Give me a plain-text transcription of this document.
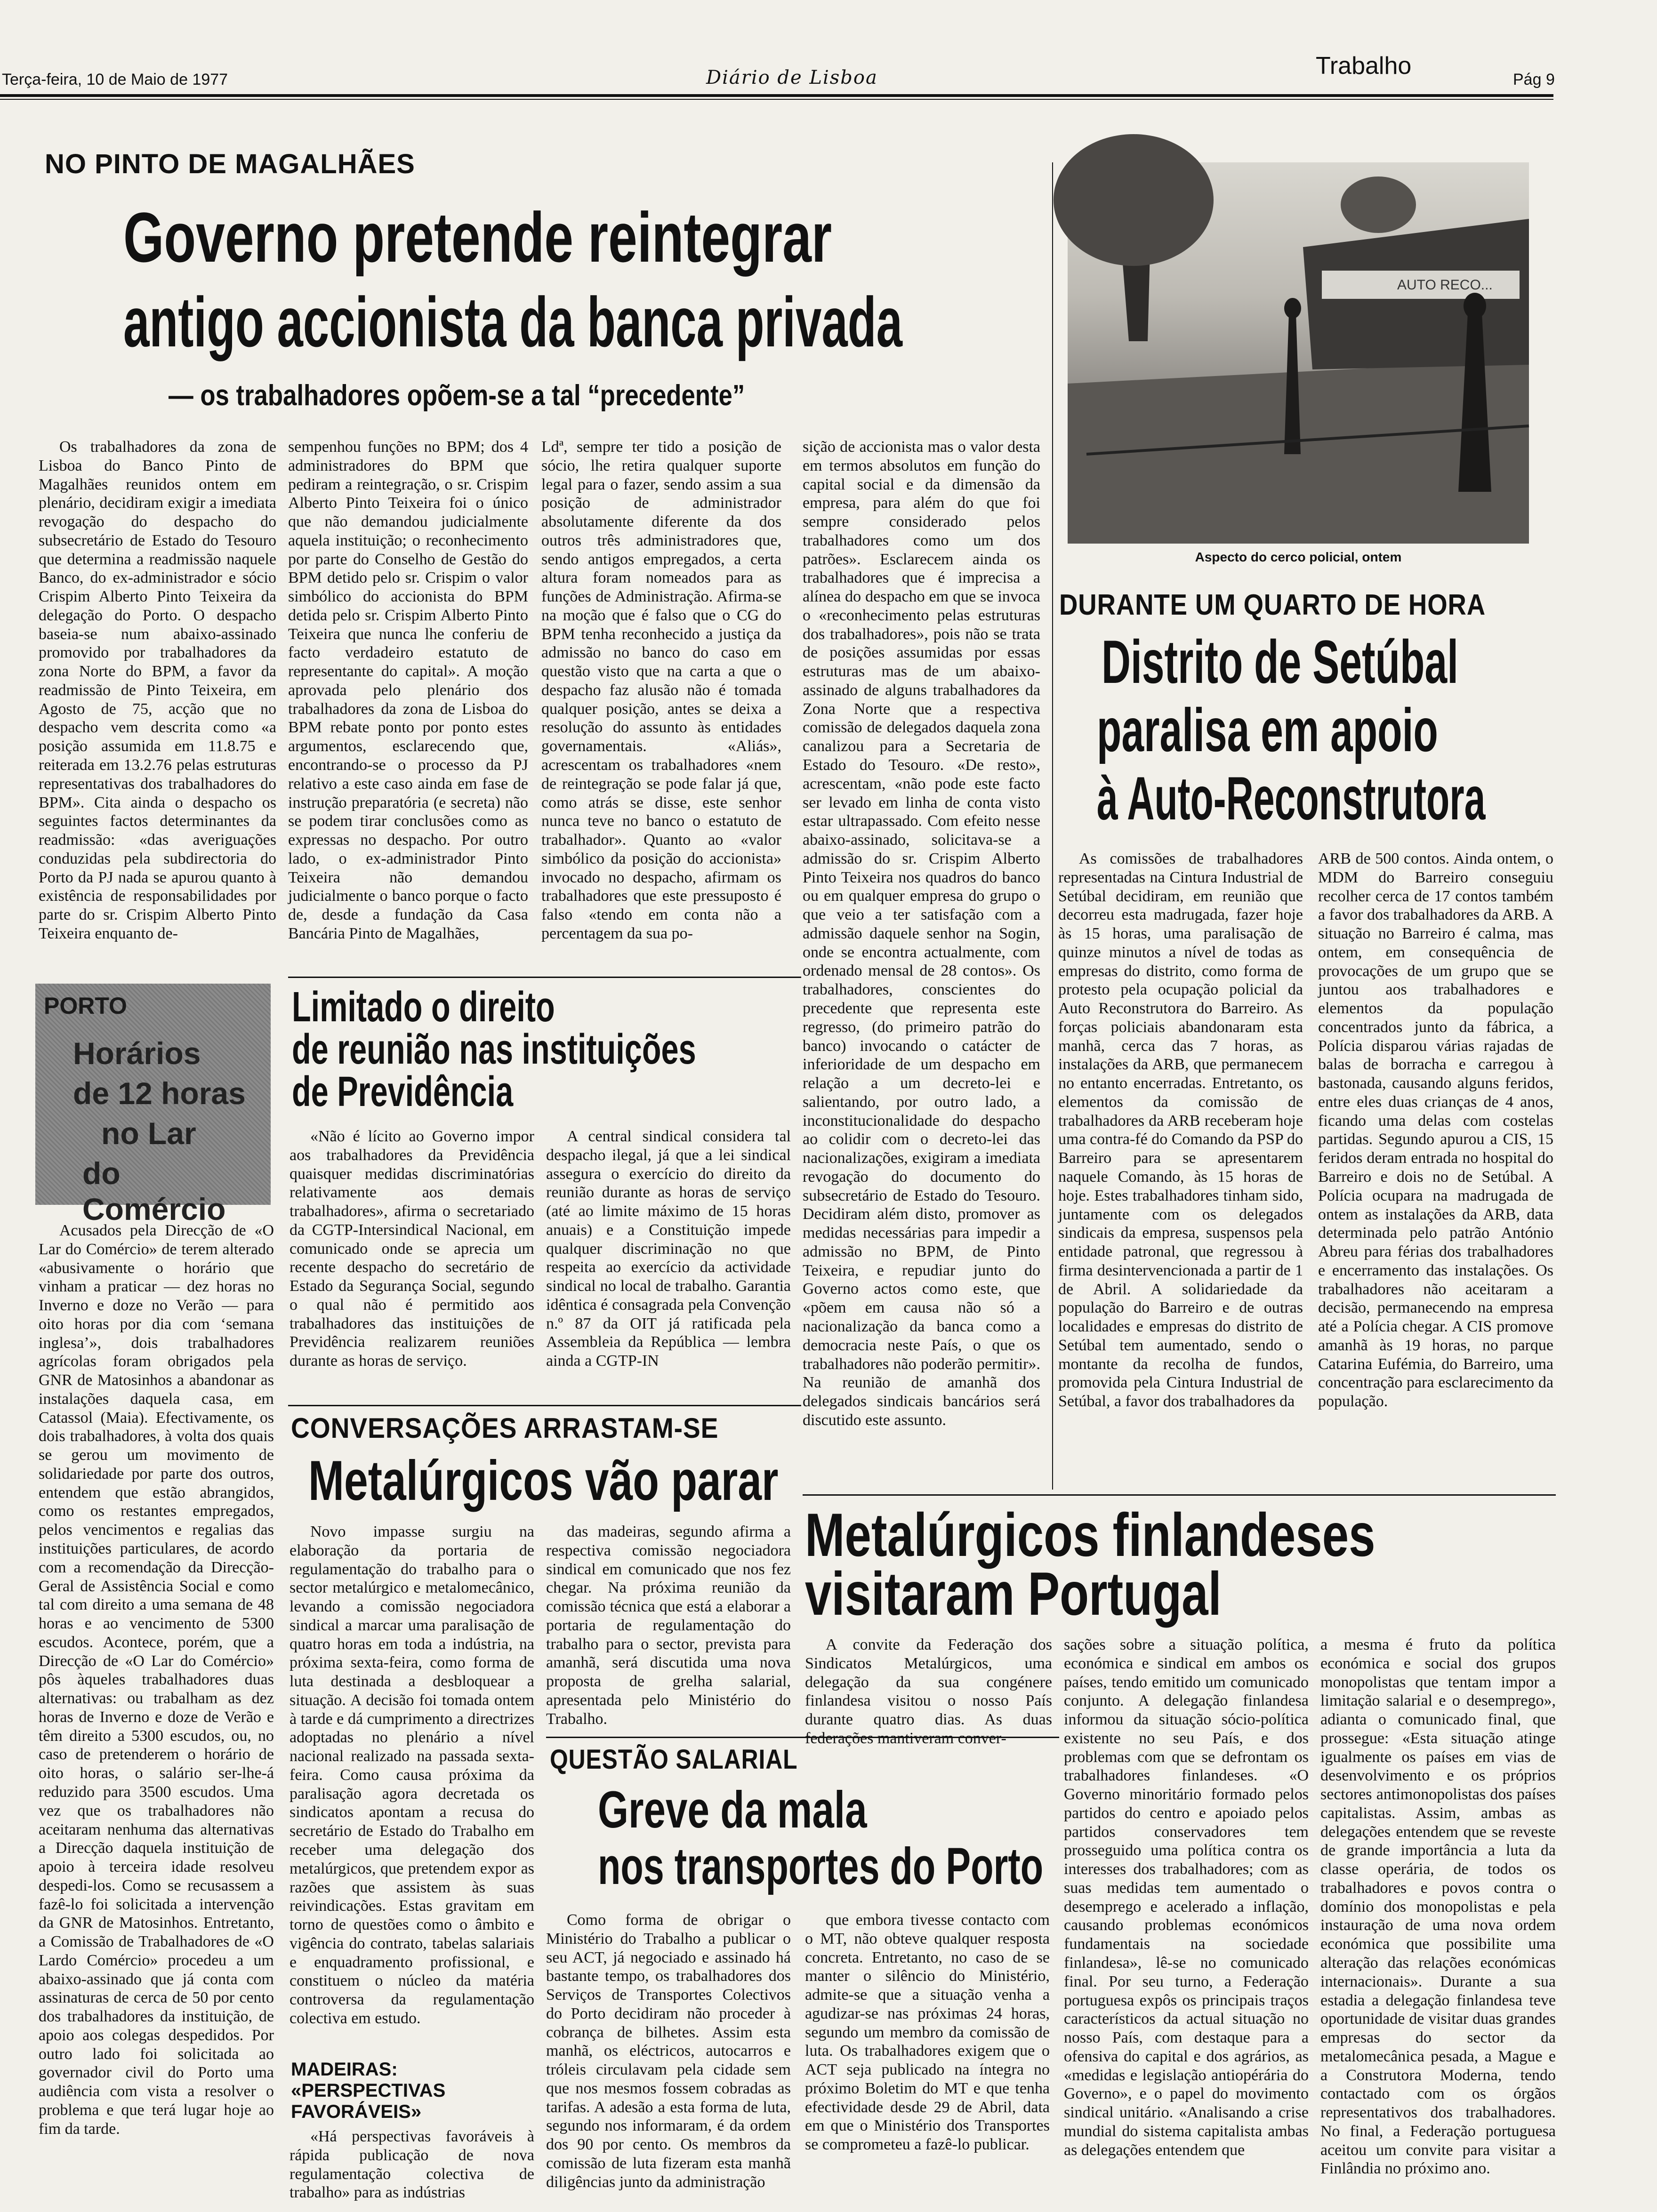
Terça-feira, 10 de Maio de 1977	Diário de Lisboa	Trabalho	Pág 9
NO PINTO DE MAGALHÃES
Governo pretende reintegrar
antigo accionista da banca privada
— os trabalhadores opõem-se a tal “precedente”
Os trabalhadores da zona de Lisboa do Banco Pinto de Magalhães reunidos ontem em plenário, decidiram exigir a imediata revogação do despacho do subsecretário de Estado do Tesouro que determina a readmissão naquele Banco, do ex-administrador e sócio Crispim Alberto Pinto Teixeira da delegação do Porto. O despacho baseia-se num abaixo-assinado promovido por trabalhadores da zona Norte do BPM, a favor da readmissão de Pinto Teixeira, em Agosto de 75, acção que no despacho vem descrita como «a posição assumida em 11.8.75 e reiterada em 13.2.76 pelas estruturas representativas dos trabalhadores do BPM». Cita ainda o despacho os seguintes factos determinantes da readmissão: «das averiguações conduzidas pela subdirectoria do Porto da PJ nada se apurou quanto à existência de responsabilidades por parte do sr. Crispim Alberto Pinto Teixeira enquanto de-
sempenhou funções no BPM; dos 4 administradores do BPM que pediram a reintegração, o sr. Crispim Alberto Pinto Teixeira foi o único que não demandou judicialmente aquela instituição; o reconhecimento por parte do Conselho de Gestão do BPM detido pelo sr. Crispim o valor simbólico do accionista do BPM detida pelo sr. Crispim Alberto Pinto Teixeira que nunca lhe conferiu de facto verdadeiro estatuto de representante do capital». A moção aprovada pelo plenário dos trabalhadores da zona de Lisboa do BPM rebate ponto por ponto estes argumentos, esclarecendo que, encontrando-se o processo da PJ relativo a este caso ainda em fase de instrução preparatória (e secreta) não se podem tirar conclusões como as expressas no despacho. Por outro lado, o ex-administrador Pinto Teixeira não demandou judicialmente o banco porque o facto de, desde a fundação da Casa Bancária Pinto de Magalhães,
Ldª, sempre ter tido a posição de sócio, lhe retira qualquer suporte legal para o fazer, sendo assim a sua posição de administrador absolutamente diferente da dos outros três administradores que, sendo antigos empregados, a certa altura foram nomeados para as funções de Administração. Afirma-se na moção que é falso que o CG do BPM tenha reconhecido a justiça da admissão no banco do caso em questão visto que na carta a que o despacho faz alusão não é tomada qualquer posição, antes se deixa a resolução do assunto às entidades governamentais. «Aliás», acrescentam os trabalhadores «nem de reintegração se pode falar já que, como atrás se disse, este senhor nunca teve no banco o estatuto de trabalhador». Quanto ao «valor simbólico da posição do accionista» invocado no despacho, afirmam os trabalhadores que este pressuposto é falso «tendo em conta não a percentagem da sua po-
sição de accionista mas o valor desta em termos absolutos em função do capital social e da dimensão da empresa, para além do que foi sempre considerado pelos trabalhadores como um dos patrões». Esclarecem ainda os trabalhadores que é imprecisa a alínea do despacho em que se invoca o «reconhecimento pelas estruturas dos trabalhadores», pois não se trata de posições assumidas por essas estruturas mas de um abaixo-assinado de alguns trabalhadores da Zona Norte que a respectiva comissão de delegados daquela zona canalizou para a Secretaria de Estado do Tesouro. «De resto», acrescentam, «não pode este facto ser levado em linha de conta visto estar ultrapassado. Com efeito nesse abaixo-assinado, solicitava-se a admissão do sr. Crispim Alberto Pinto Teixeira nos quadros do banco ou em qualquer empresa do grupo o que veio a ter satisfação com a admissão daquele senhor na Sogin, onde se encontra actualmente, com ordenado mensal de 28 contos». Os trabalhadores, conscientes do precedente que representa este regresso, (do primeiro patrão do banco) invocando o catácter de inferioridade de um despacho em relação a um decreto-lei e salientando, por outro lado, a inconstitucionalidade do despacho ao colidir com o decreto-lei das nacionalizações, exigiram a imediata revogação do documento do subsecretário de Estado do Tesouro. Decidiram além disto, promover as medidas necessárias para impedir a admissão no BPM, de Pinto Teixeira, e repudiar junto do Governo actos como este, que «põem em causa não só a nacionalização da banca como a democracia neste País, o que os trabalhadores não poderão permitir». Na reunião de amanhã dos delegados sindicais bancários será discutido este assunto.
PORTO
Horários
de 12 horas
no Lar
do Comércio
Acusados pela Direcção de «O Lar do Comércio» de terem alterado «abusivamente o horário que vinham a praticar — dez horas no Inverno e doze no Verão — para oito horas por dia com ‘semana inglesa’», dois trabalhadores agrícolas foram obrigados pela GNR de Matosinhos a abandonar as instalações daquela casa, em Catassol (Maia). Efectivamente, os dois trabalhadores, à volta dos quais se gerou um movimento de solidariedade por parte dos outros, entendem que estão abrangidos, como os restantes empregados, pelos vencimentos e regalias das instituições particulares, de acordo com a recomendação da Direcção-Geral de Assistência Social e como tal com direito a uma semana de 48 horas e ao vencimento de 5300 escudos. Acontece, porém, que a Direcção de «O Lar do Comércio» pôs àqueles trabalhadores duas alternativas: ou trabalham as dez horas de Inverno e doze de Verão e têm direito a 5300 escudos, ou, no caso de pretenderem o horário de oito horas, o salário ser-lhe-á reduzido para 3500 escudos. Uma vez que os trabalhadores não aceitaram nenhuma das alternativas a Direcção daquela instituição de apoio à terceira idade resolveu despedi-los. Como se recusassem a fazê-lo foi solicitada a intervenção da GNR de Matosinhos. Entretanto, a Comissão de Trabalhadores de «O Lardo Comércio» procedeu a um abaixo-assinado que já conta com assinaturas de cerca de 50 por cento dos trabalhadores da instituição, de apoio aos colegas despedidos. Por outro lado foi solicitada ao governador civil do Porto uma audiência com vista a resolver o problema e que terá lugar hoje ao fim da tarde.
Limitado o direito
de reunião nas instituições
de Previdência
«Não é lícito ao Governo impor aos trabalhadores da Previdência quaisquer medidas discriminatórias relativamente aos demais trabalhadores», afirma o secretariado da CGTP-Intersindical Nacional, em comunicado onde se aprecia um recente despacho do secretário de Estado da Segurança Social, segundo o qual não é permitido aos trabalhadores das instituições de Previdência realizarem reuniões durante as horas de serviço.
A central sindical considera tal despacho ilegal, já que a lei sindical assegura o exercício do direito da reunião durante as horas de serviço (até ao limite máximo de 15 horas anuais) e a Constituição impede qualquer discriminação no que respeita ao exercício da actividade sindical no local de trabalho. Garantia idêntica é consagrada pela Convenção n.º 87 da OIT já ratificada pela Assembleia da República — lembra ainda a CGTP-IN
CONVERSAÇÕES ARRASTAM-SE
Metalúrgicos vão parar
Novo impasse surgiu na elaboração da portaria de regulamentação do trabalho para o sector metalúrgico e metalomecânico, levando a comissão negociadora sindical a marcar uma paralisação de quatro horas em toda a indústria, na próxima sexta-feira, como forma de luta destinada a desbloquear a situação. A decisão foi tomada ontem à tarde e dá cumprimento a directrizes adoptadas no plenário a nível nacional realizado na passada sexta-feira. Como causa próxima da paralisação agora decretada os sindicatos apontam a recusa do secretário de Estado do Trabalho em receber uma delegação dos metalúrgicos, que pretendem expor as razões que assistem às suas reivindicações. Estas gravitam em torno de questões como o âmbito e vigência do contrato, tabelas salariais e enquadramento profissional, e constituem o núcleo da matéria controversa da regulamentação colectiva em estudo.
MADEIRAS: «PERSPECTIVAS FAVORÁVEIS»
«Há perspectivas favoráveis à rápida publicação de nova regulamentação colectiva de trabalho» para as indústrias
das madeiras, segundo afirma a respectiva comissão negociadora sindical em comunicado que nos fez chegar. Na próxima reunião da comissão técnica que está a elaborar a portaria de regulamentação do trabalho para o sector, prevista para amanhã, será discutida uma nova proposta de grelha salarial, apresentada pelo Ministério do Trabalho.
QUESTÃO SALARIAL
Greve da mala
nos transportes do Porto
Como forma de obrigar o Ministério do Trabalho a publicar o seu ACT, já negociado e assinado há bastante tempo, os trabalhadores dos Serviços de Transportes Colectivos do Porto decidiram não proceder à cobrança de bilhetes. Assim esta manhã, os eléctricos, autocarros e tróleis circulavam pela cidade sem que nos mesmos fossem cobradas as tarifas. A adesão a esta forma de luta, segundo nos informaram, é da ordem dos 90 por cento. Os membros da comissão de luta fizeram esta manhã diligências junto da administração
que embora tivesse contacto com o MT, não obteve qualquer resposta concreta. Entretanto, no caso de se manter o silêncio do Ministério, admite-se que a situação venha a agudizar-se nas próximas 24 horas, segundo um membro da comissão de luta. Os trabalhadores exigem que o ACT seja publicado na íntegra no próximo Boletim do MT e que tenha efectividade desde 29 de Abril, data em que o Ministério dos Transportes se comprometeu a fazê-lo publicar.
AUTO RECO...
Aspecto do cerco policial, ontem
DURANTE UM QUARTO DE HORA
Distrito de Setúbal
paralisa em apoio
à Auto-Reconstrutora
As comissões de trabalhadores representadas na Cintura Industrial de Setúbal decidiram, em reunião que decorreu esta madrugada, fazer hoje às 15 horas, uma paralisação de quinze minutos a nível de todas as empresas do distrito, como forma de protesto pela ocupação policial da Auto Reconstrutora do Barreiro. As forças policiais abandonaram esta manhã, cerca das 7 horas, as instalações da ARB, que permanecem no entanto encerradas. Entretanto, os elementos da comissão de trabalhadores da ARB receberam hoje uma contra-fé do Comando da PSP do Barreiro para se apresentarem naquele Comando, às 15 horas de hoje. Estes trabalhadores tinham sido, juntamente com os delegados sindicais da empresa, suspensos pela entidade patronal, que regressou à firma desintervencionada a partir de 1 de Abril. A solidariedade da população do Barreiro e de outras localidades e empresas do distrito de Setúbal tem aumentado, sendo o montante da recolha de fundos, promovida pela Cintura Industrial de Setúbal, a favor dos trabalhadores da
ARB de 500 contos. Ainda ontem, o MDM do Barreiro conseguiu recolher cerca de 17 contos também a favor dos trabalhadores da ARB. A situação no Barreiro é calma, mas ontem, em consequência de provocações de um grupo que se juntou aos trabalhadores e elementos da população concentrados junto da fábrica, a Polícia disparou várias rajadas de balas de borracha e carregou à bastonada, causando alguns feridos, entre eles duas crianças de 4 anos, ficando uma delas com costelas partidas. Segundo apurou a CIS, 15 feridos deram entrada no hospital do Barreiro e dois no de Setúbal. A Polícia ocupara na madrugada de ontem as instalações da ARB, data determinada pelo patrão António Abreu para férias dos trabalhadores e encerramento das instalações. Os trabalhadores não aceitaram a decisão, permanecendo na empresa até a Polícia chegar. A CIS promove amanhã às 19 horas, no parque Catarina Eufémia, do Barreiro, uma concentração para esclarecimento da população.
Metalúrgicos finlandeses
visitaram Portugal
A convite da Federação dos Sindicatos Metalúrgicos, uma delegação da sua congénere finlandesa visitou o nosso País durante quatro dias. As duas federações mantiveram conver-
sações sobre a situação política, económica e sindical em ambos os países, tendo emitido um comunicado conjunto. A delegação finlandesa informou da situação sócio-política existente no seu País, e dos problemas com que se defrontam os trabalhadores finlandeses. «O Governo minoritário formado pelos partidos do centro e apoiado pelos partidos conservadores tem prosseguido uma política contra os interesses dos trabalhadores; com as suas medidas tem aumentado o desemprego e acelerado a inflação, causando problemas económicos fundamentais na sociedade finlandesa», lê-se no comunicado final. Por seu turno, a Federação portuguesa expôs os principais traços característicos da actual situação no nosso País, com destaque para a ofensiva do capital e dos agrários, as «medidas e legislação antiopérária do Governo», e o papel do movimento sindical unitário. «Analisando a crise mundial do sistema capitalista ambas as delegações entendem que
a mesma é fruto da política económica e social dos grupos monopolistas que tentam impor a limitação salarial e o desemprego», adianta o comunicado final, que prossegue: «Esta situação atinge igualmente os países em vias de desenvolvimento e os próprios sectores antimonopolistas dos países capitalistas. Assim, ambas as delegações entendem que se reveste de grande importância a luta da classe operária, de todos os trabalhadores e povos contra o domínio dos monopolistas e pela instauração de uma nova ordem económica que possibilite uma alteração das relações económicas internacionais». Durante a sua estadia a delegação finlandesa teve oportunidade de visitar duas grandes empresas do sector da metalomecânica pesada, a Mague e a Construtora Moderna, tendo contactado com os órgãos representativos dos trabalhadores. No final, a Federação portuguesa aceitou um convite para visitar a Finlândia no próximo ano.
